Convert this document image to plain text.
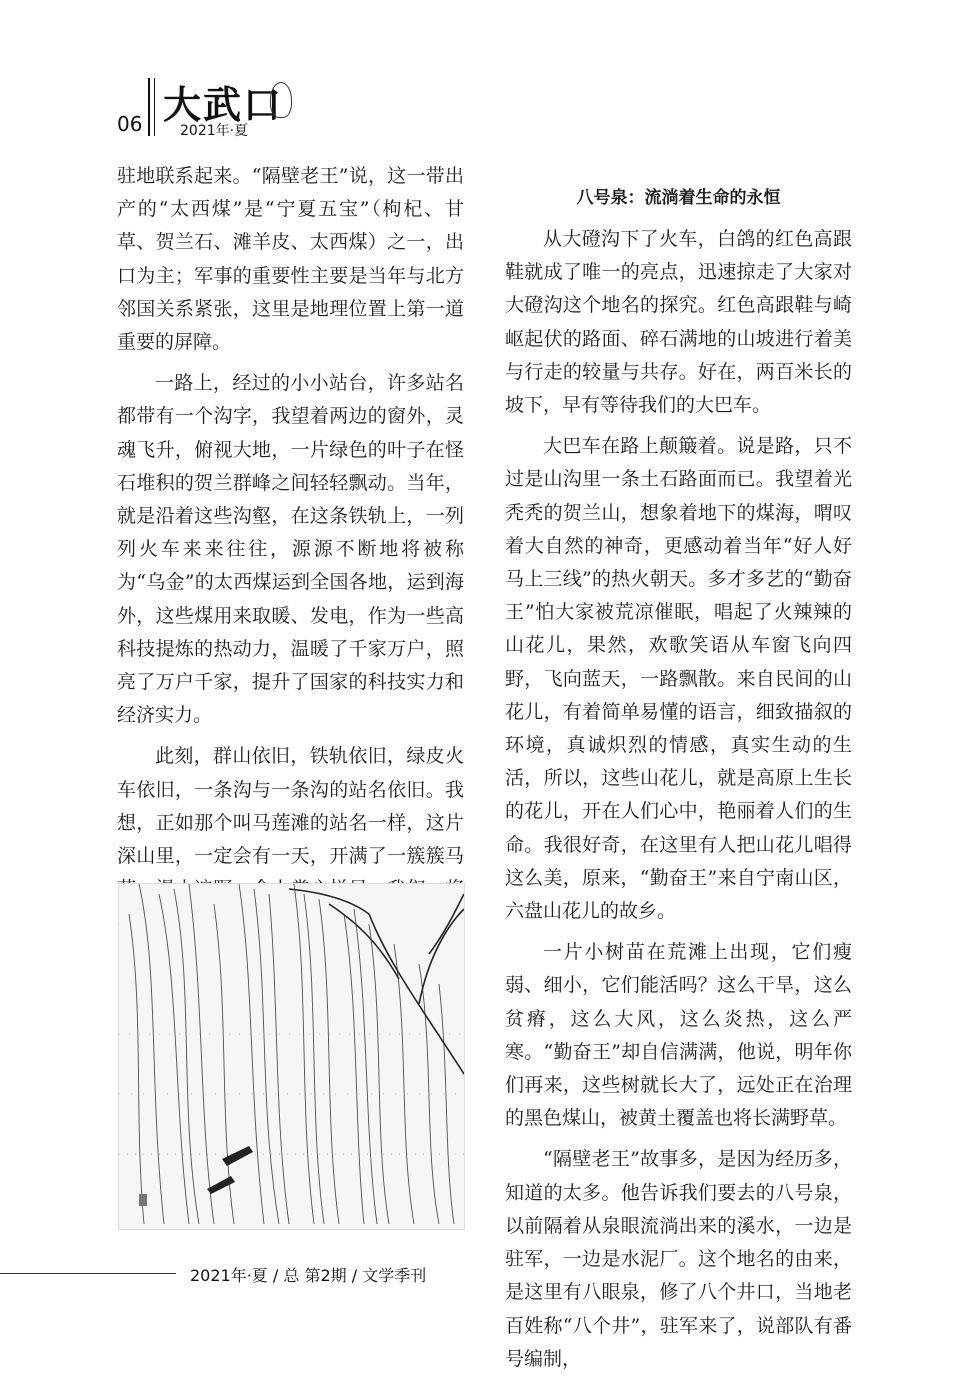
06 大武口
2021年·夏

驻地联系起来。“隔壁老王”说，这一带出产的“太西煤”是“宁夏五宝”（枸杞、甘草、贺兰石、滩羊皮、太西煤）之一，出口为主；军事的重要性主要是当年与北方邻国关系紧张，这里是地理位置上第一道重要的屏障。

一路上，经过的小小站台，许多站名都带有一个沟字，我望着两边的窗外，灵魂飞升，俯视大地，一片绿色的叶子在怪石堆积的贺兰群峰之间轻轻飘动。当年，就是沿着这些沟壑，在这条铁轨上，一列列火车来来往往，源源不断地将被称为“乌金”的太西煤运到全国各地，运到海外，这些煤用来取暖、发电，作为一些高科技提炼的热动力，温暖了千家万户，照亮了万户千家，提升了国家的科技实力和经济实力。

此刻，群山依旧，铁轨依旧，绿皮火车依旧，一条沟与一条沟的站名依旧。我想，正如那个叫马莲滩的站名一样，这片深山里，一定会有一天，开满了一簇簇马

八号泉：流淌着生命的永恒

从大磴沟下了火车，白鸽的红色高跟鞋就成了唯一的亮点，迅速掠走了大家对大磴沟这个地名的探究。红色高跟鞋与崎岖起伏的路面、碎石满地的山坡进行着美与行走的较量与共存。好在，两百米长的坡下，早有等待我们的大巴车。

大巴车在路上颠簸着。说是路，只不过是山沟里一条土石路面而已。我望着光秃秃的贺兰山，想象着地下的煤海，喟叹着大自然的神奇，更感动着当年“好人好马上三线”的热火朝天。多才多艺的“勤奋王”怕大家被荒凉催眠，唱起了火辣辣的山花儿，果然，欢歌笑语从车窗飞向四野，飞向蓝天，一路飘散。来自民间的山花儿，有着简单易懂的语言，细致描叙的环境，真诚炽烈的情感，真实生动的生活，所以，这些山花儿，就是高原上生长的花儿，开在人们心中，艳丽着人们的生命。我很好奇，在这里有人把山花儿唱得这么美，原来，“勤奋王”来自宁南山区，六盘山花儿的故乡。

一片小树苗在荒滩上出现，它们瘦弱、细小，它们能活吗？这么干旱，这么贫瘠，这么大风，这么炎热，这么严寒。“勤奋王”却自信满满，他说，明年你们再来，这些树就长大了，远处正在治理的黑色煤山，被黄土覆盖也将长满野草。

“隔壁老王”故事多，是因为经历多，知道的太多。他告诉我们要去的八号泉，以前隔着从泉眼流淌出来的溪水，一边是驻军，一边是水泥厂。这个地名的由来，是这里有八眼泉，修了八个井口，当地老百姓称“八个井”，驻军来了，说部队有番号编制，

2021年·夏 / 总 第2期 / 文学季刊
